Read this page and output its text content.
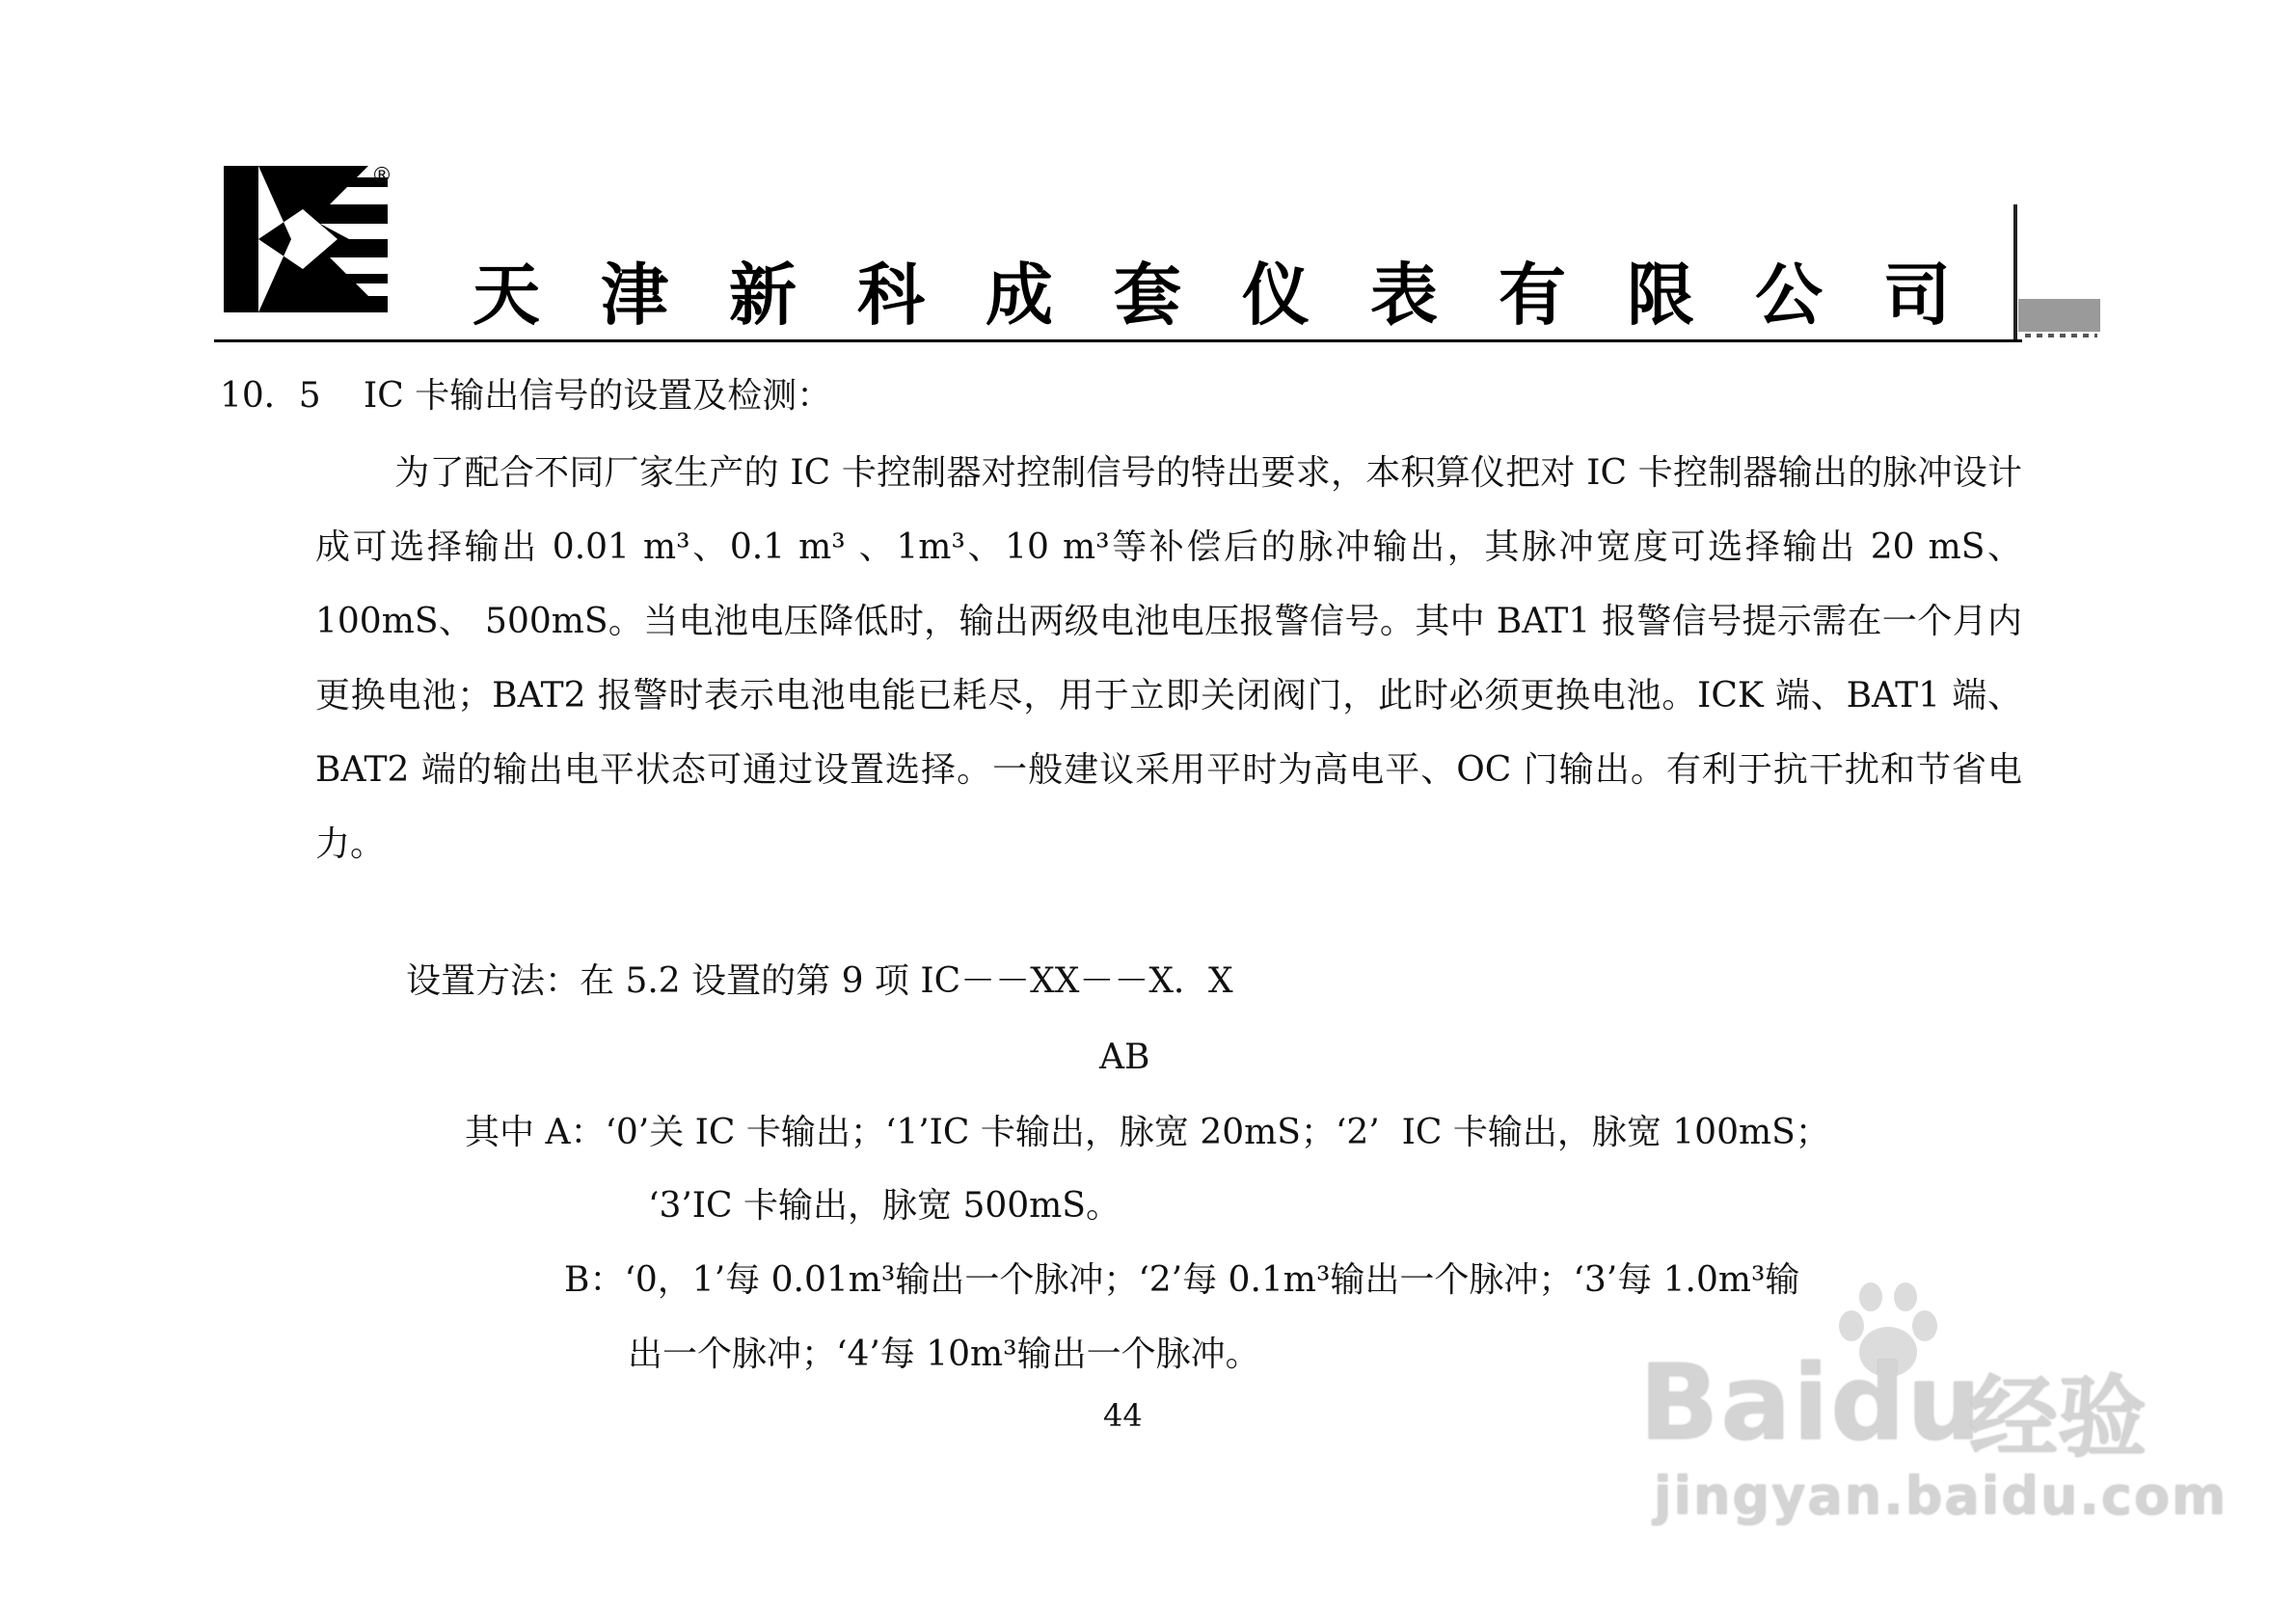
®
天津新科成套仪表有限公司
10．5 IC 卡输出信号的设置及检测：
为了配合不同厂家生产的 IC 卡控制器对控制信号的特出要求，本积算仪把对 IC 卡控制器输出的脉冲设计成可选择输出 0.01 m³、0.1 m³ 、1m³、10 m³等补偿后的脉冲输出，其脉冲宽度可选择输出 20 mS、100mS、 500mS。当电池电压降低时，输出两级电池电压报警信号。其中 BAT1 报警信号提示需在一个月内更换电池；BAT2 报警时表示电池电能已耗尽，用于立即关闭阀门，此时必须更换电池。ICK 端、BAT1 端、BAT2 端的输出电平状态可通过设置选择。一般建议采用平时为高电平、OC 门输出。有利于抗干扰和节省电力。
设置方法：在 5.2 设置的第 9 项 IC－－XX－－X．X
AB
其中 A：‘0’关 IC 卡输出；‘1’IC 卡输出，脉宽 20mS；‘2’  IC 卡输出，脉宽 100mS；
‘3’IC 卡输出，脉宽 500mS。
B：‘0，1’每 0.01m³输出一个脉冲；‘2’每 0.1m³输出一个脉冲；‘3’每 1.0m³输
出一个脉冲；‘4’每 10m³输出一个脉冲。
44	Baidu
经验
jingyan.baidu.com
